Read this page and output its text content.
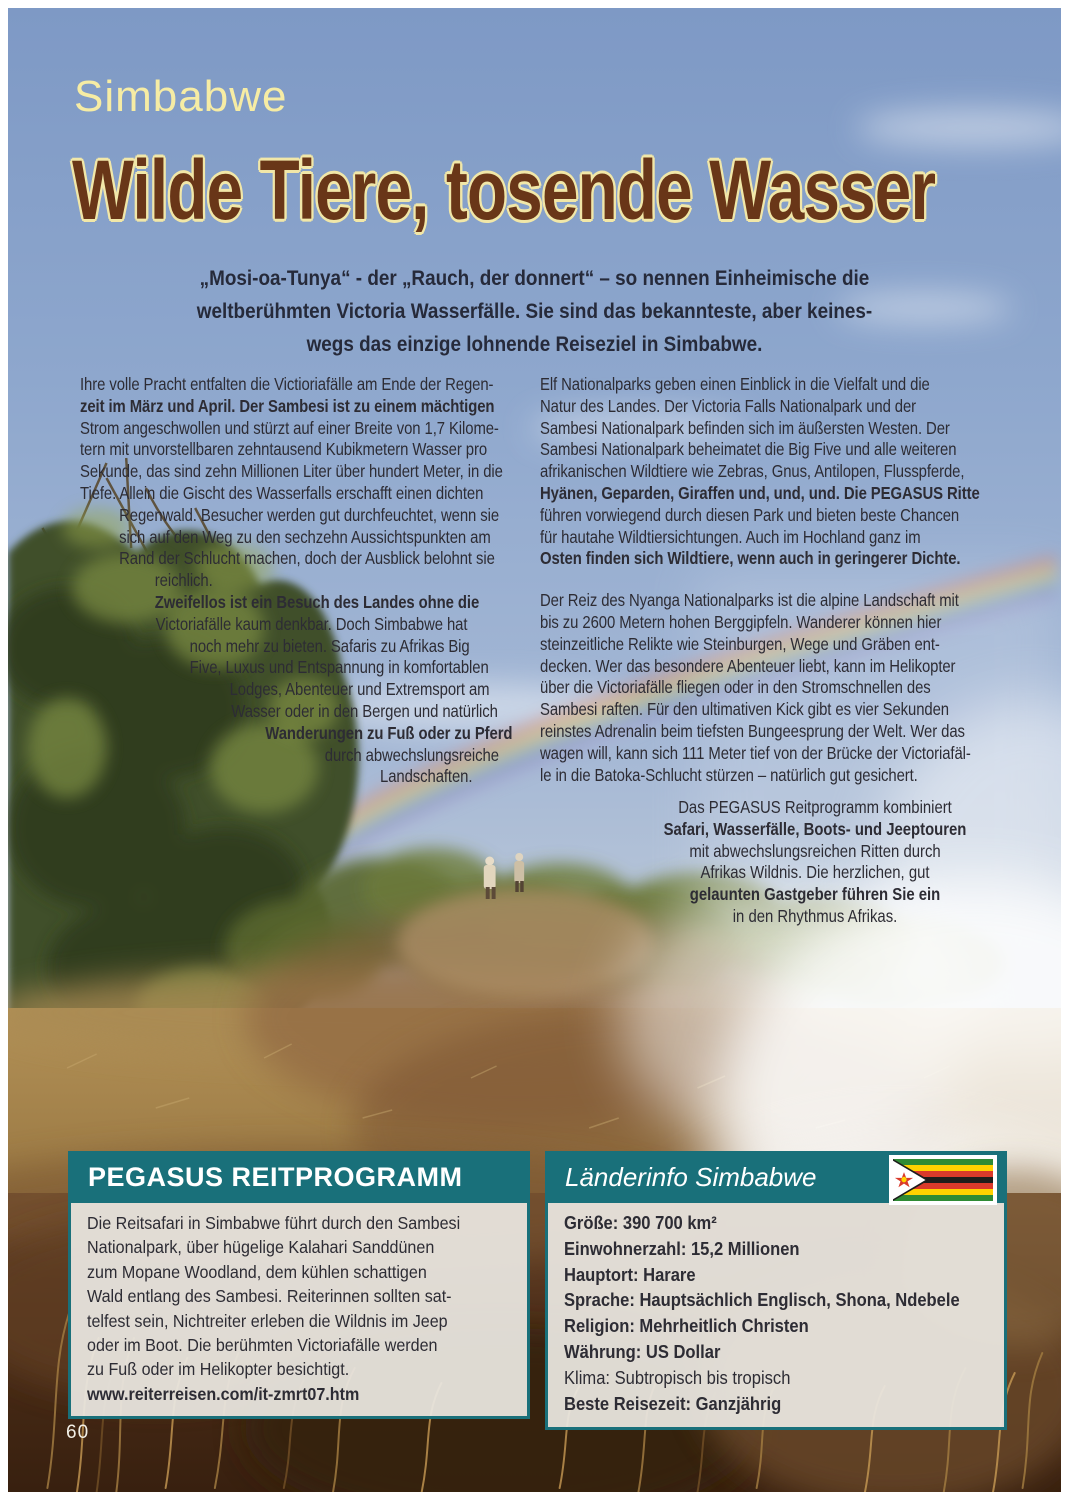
Simbabwe
Wilde Tiere, tosende Wasser
„Mosi-oa-Tunya“ - der „Rauch, der donnert“ – so nennen Einheimische die
weltberühmten Victoria Wasserfälle. Sie sind das bekannteste, aber keines-
wegs das einzige lohnende Reiseziel in Simbabwe.
Ihre volle Pracht entfalten die Victioriafälle am Ende der Regen-
zeit im März und April. Der Sambesi ist zu einem mächtigen
Strom angeschwollen und stürzt auf einer Breite von 1,7 Kilome-
tern mit unvorstellbaren zehntausend Kubikmetern Wasser pro
Sekunde, das sind zehn Millionen Liter über hundert Meter, in die
Tiefe. Allein die Gischt des Wasserfalls erschafft einen dichten
Regenwald. Besucher werden gut durchfeuchtet, wenn sie
sich auf den Weg zu den sechzehn Aussichtspunkten am
Rand der Schlucht machen, doch der Ausblick belohnt sie
reichlich.
Zweifellos ist ein Besuch des Landes ohne die
Victoriafälle kaum denkbar. Doch Simbabwe hat
noch mehr zu bieten. Safaris zu Afrikas Big
Five, Luxus und Entspannung in komfortablen
Lodges, Abenteuer und Extremsport am
Wasser oder in den Bergen und natürlich
Wanderungen zu Fuß oder zu Pferd
durch abwechslungsreiche
Landschaften.
Elf Nationalparks geben einen Einblick in die Vielfalt und die
Natur des Landes. Der Victoria Falls Nationalpark und der
Sambesi Nationalpark befinden sich im äußersten Westen. Der
Sambesi Nationalpark beheimatet die Big Five und alle weiteren
afrikanischen Wildtiere wie Zebras, Gnus, Antilopen, Flusspferde,
Hyänen, Geparden, Giraffen und, und, und. Die PEGASUS Ritte
führen vorwiegend durch diesen Park und bieten beste Chancen
für hautahe Wildtiersichtungen. Auch im Hochland ganz im
Osten finden sich Wildtiere, wenn auch in geringerer Dichte.
Der Reiz des Nyanga Nationalparks ist die alpine Landschaft mit
bis zu 2600 Metern hohen Berggipfeln. Wanderer können hier
steinzeitliche Relikte wie Steinburgen, Wege und Gräben ent-
decken. Wer das besondere Abenteuer liebt, kann im Helikopter
über die Victoriafälle fliegen oder in den Stromschnellen des
Sambesi raften. Für den ultimativen Kick gibt es vier Sekunden
reinstes Adrenalin beim tiefsten Bungeesprung der Welt. Wer das
wagen will, kann sich 111 Meter tief von der Brücke der Victoriafäl-
le in die Batoka-Schlucht stürzen – natürlich gut gesichert.
Das PEGASUS Reitprogramm kombiniert
Safari, Wasserfälle, Boots- und Jeeptouren
mit abwechslungsreichen Ritten durch
Afrikas Wildnis. Die herzlichen, gut
gelaunten Gastgeber führen Sie ein
in den Rhythmus Afrikas.
PEGASUS REITPROGRAMM
Die Reitsafari in Simbabwe führt durch den Sambesi
Nationalpark, über hügelige Kalahari Sanddünen
zum Mopane Woodland, dem kühlen schattigen
Wald entlang des Sambesi. Reiterinnen sollten sat-
telfest sein, Nichtreiter erleben die Wildnis im Jeep
oder im Boot. Die berühmten Victoriafälle werden
zu Fuß oder im Helikopter besichtigt.
www.reiterreisen.com/it-zmrt07.htm
Länderinfo Simbabwe
Größe: 390 700 km²
Einwohnerzahl: 15,2 Millionen
Hauptort: Harare
Sprache: Hauptsächlich Englisch, Shona, Ndebele
Religion: Mehrheitlich Christen
Währung: US Dollar
Klima: Subtropisch bis tropisch
Beste Reisezeit: Ganzjährig
60
